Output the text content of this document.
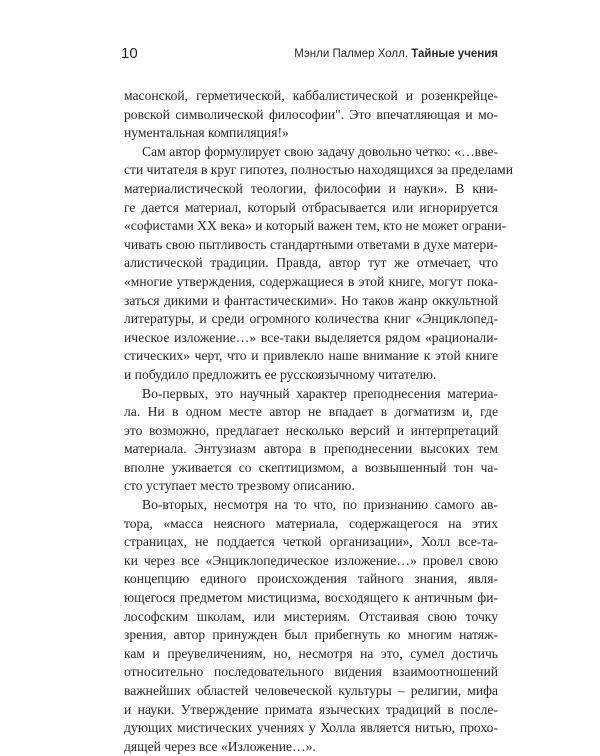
10	Мэнли Палмер Холл. Тайные учения
масонской, герметической, каббалистической и розенкрейце-
ровской символической философии". Это впечатляющая и мо-
нументальная компиляция!»
Сам автор формулирует свою задачу довольно четко: «…вве-
сти читателя в круг гипотез, полностью находящихся за пределами
материалистической теологии, философии и науки». В кни-
ге дается материал, который отбрасывается или игнорируется
«софистами XX века» и который важен тем, кто не может ограни-
чивать свою пытливость стандартными ответами в духе матери-
алистической традиции. Правда, автор тут же отмечает, что
«многие утверждения, содержащиеся в этой книге, могут пока-
заться дикими и фантастическими». Но таков жанр оккультной
литературы, и среди огромного количества книг «Энциклопед-
ическое изложение…» все-таки выделяется рядом «рационали-
стических» черт, что и привлекло наше внимание к этой книге
и побудило предложить ее русскоязычному читателю.
Во-первых, это научный характер преподнесения материа-
ла. Ни в одном месте автор не впадает в догматизм и, где
это возможно, предлагает несколько версий и интерпретаций
материала. Энтузиазм автора в преподнесении высоких тем
вполне уживается со скептицизмом, а возвышенный тон ча-
сто уступает место трезвому описанию.
Во-вторых, несмотря на то что, по признанию самого ав-
тора, «масса неясного материала, содержащегося на этих
страницах, не поддается четкой организации», Холл все-та-
ки через все «Энциклопедическое изложение…» провел свою
концепцию единого происхождения тайного знания, явля-
ющегося предметом мистицизма, восходящего к античным фи-
лософским школам, или мистериям. Отстаивая свою точку
зрения, автор принужден был прибегнуть ко многим натяж-
кам и преувеличениям, но, несмотря на это, сумел достичь
относительно последовательного видения взаимоотношений
важнейших областей человеческой культуры – религии, мифа
и науки. Утверждение примата языческих традиций в после-
дующих мистических учениях у Холла является нитью, прохо-
дящей через все «Изложение…».
